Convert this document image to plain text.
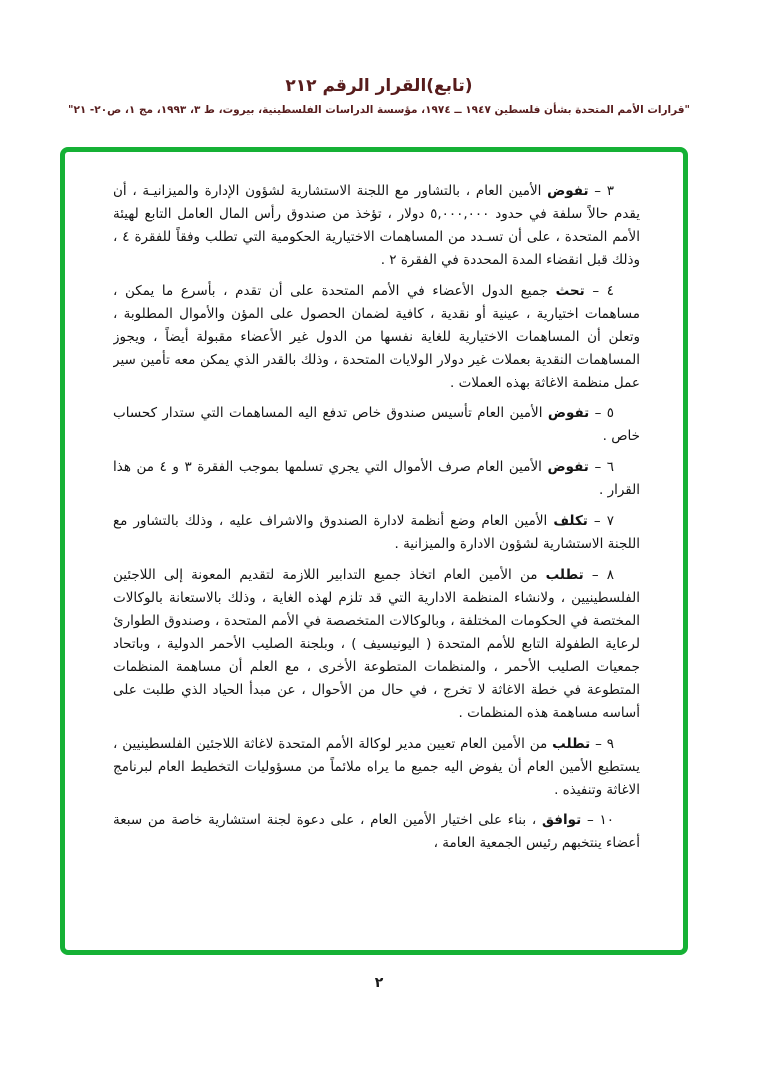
(تابع)القرار الرقم ٢١٢
"قرارات الأمم المتحدة بشأن فلسطين ١٩٤٧ ــ ١٩٧٤، مؤسسة الدراسات الفلسطينية، بيروت، ط ٣، ١٩٩٣، مج ١، ص٢٠- ٢١"

٣ – تفوض الأمين العام ، بالتشاور مع اللجنة الاستشارية لشؤون الإدارة والميزانيـة ، أن يقدم حالاً سلفة في حدود ٥,٠٠٠,٠٠٠ دولار ، تؤخذ من صندوق رأس المال العامل التابع لهيئة الأمم المتحدة ، على أن تسـدد من المساهمات الاختيارية الحكومية التي تطلب وفقاً للفقرة ٤ ، وذلك قبل انقضاء المدة المحددة في الفقرة ٢ .

٤ – تحث جميع الدول الأعضاء في الأمم المتحدة على أن تقدم ، بأسرع ما يمكن ، مساهمات اختيارية ، عينية أو نقدية ، كافية لضمان الحصول على المؤن والأموال المطلوبة ، وتعلن أن المساهمات الاختيارية للغاية نفسها من الدول غير الأعضاء مقبولة أيضاً ، ويجوز المساهمات النقدية بعملات غير دولار الولايات المتحدة ، وذلك بالقدر الذي يمكن معه تأمين سير عمل منظمة الاغاثة بهذه العملات .

٥ – تفوض الأمين العام تأسيس صندوق خاص تدفع اليه المساهمات التي ستدار كحساب خاص .

٦ – تفوض الأمين العام صرف الأموال التي يجري تسلمها بموجب الفقرة ٣ و ٤ من هذا القرار .

٧ – تكلف الأمين العام وضع أنظمة لادارة الصندوق والاشراف عليه ، وذلك بالتشاور مع اللجنة الاستشارية لشؤون الادارة والميزانية .

٨ – تطلب من الأمين العام اتخاذ جميع التدابير اللازمة لتقديم المعونة إلى اللاجئين الفلسطينيين ، ولانشاء المنظمة الادارية التي قد تلزم لهذه الغاية ، وذلك بالاستعانة بالوكالات المختصة في الحكومات المختلفة ، وبالوكالات المتخصصة في الأمم المتحدة ، وصندوق الطوارئ لرعاية الطفولة التابع للأمم المتحدة ( اليونيسيف ) ، وبلجنة الصليب الأحمر الدولية ، وباتحاد جمعيات الصليب الأحمر ، والمنظمات المتطوعة الأخرى ، مع العلم أن مساهمة المنظمات المتطوعة في خطة الاغاثة لا تخرج ، في حال من الأحوال ، عن مبدأ الحياد الذي طلبت على أساسه مساهمة هذه المنظمات .

٩ – تطلب من الأمين العام تعيين مدير لوكالة الأمم المتحدة لاغاثة اللاجئين الفلسطينيين ، يستطيع الأمين العام أن يفوض اليه جميع ما يراه ملائماً من مسؤوليات التخطيط العام لبرنامج الاغاثة وتنفيذه .

١٠ – توافق ، بناء على اختيار الأمين العام ، على دعوة لجنة استشارية خاصة من سبعة أعضاء ينتخبهم رئيس الجمعية العامة ،

٢
